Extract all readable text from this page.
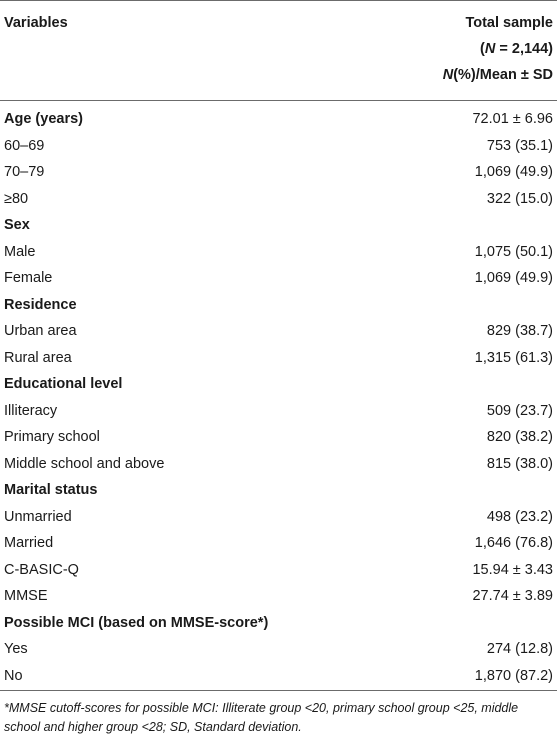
Variables	Total sample
(N = 2,144)
N(%)/Mean ± SD
Age (years)	72.01 ± 6.96
60–69	753 (35.1)
70–79	1,069 (49.9)
≥80	322 (15.0)
Sex
Male	1,075 (50.1)
Female	1,069 (49.9)
Residence
Urban area	829 (38.7)
Rural area	1,315 (61.3)
Educational level
Illiteracy	509 (23.7)
Primary school	820 (38.2)
Middle school and above	815 (38.0)
Marital status
Unmarried	498 (23.2)
Married	1,646 (76.8)
C-BASIC-Q	15.94 ± 3.43
MMSE	27.74 ± 3.89
Possible MCI (based on MMSE-score*)
Yes	274 (12.8)
No	1,870 (87.2)
*MMSE cutoff-scores for possible MCI: Illiterate group <20, primary school group <25, middle school and higher group <28; SD, Standard deviation.
